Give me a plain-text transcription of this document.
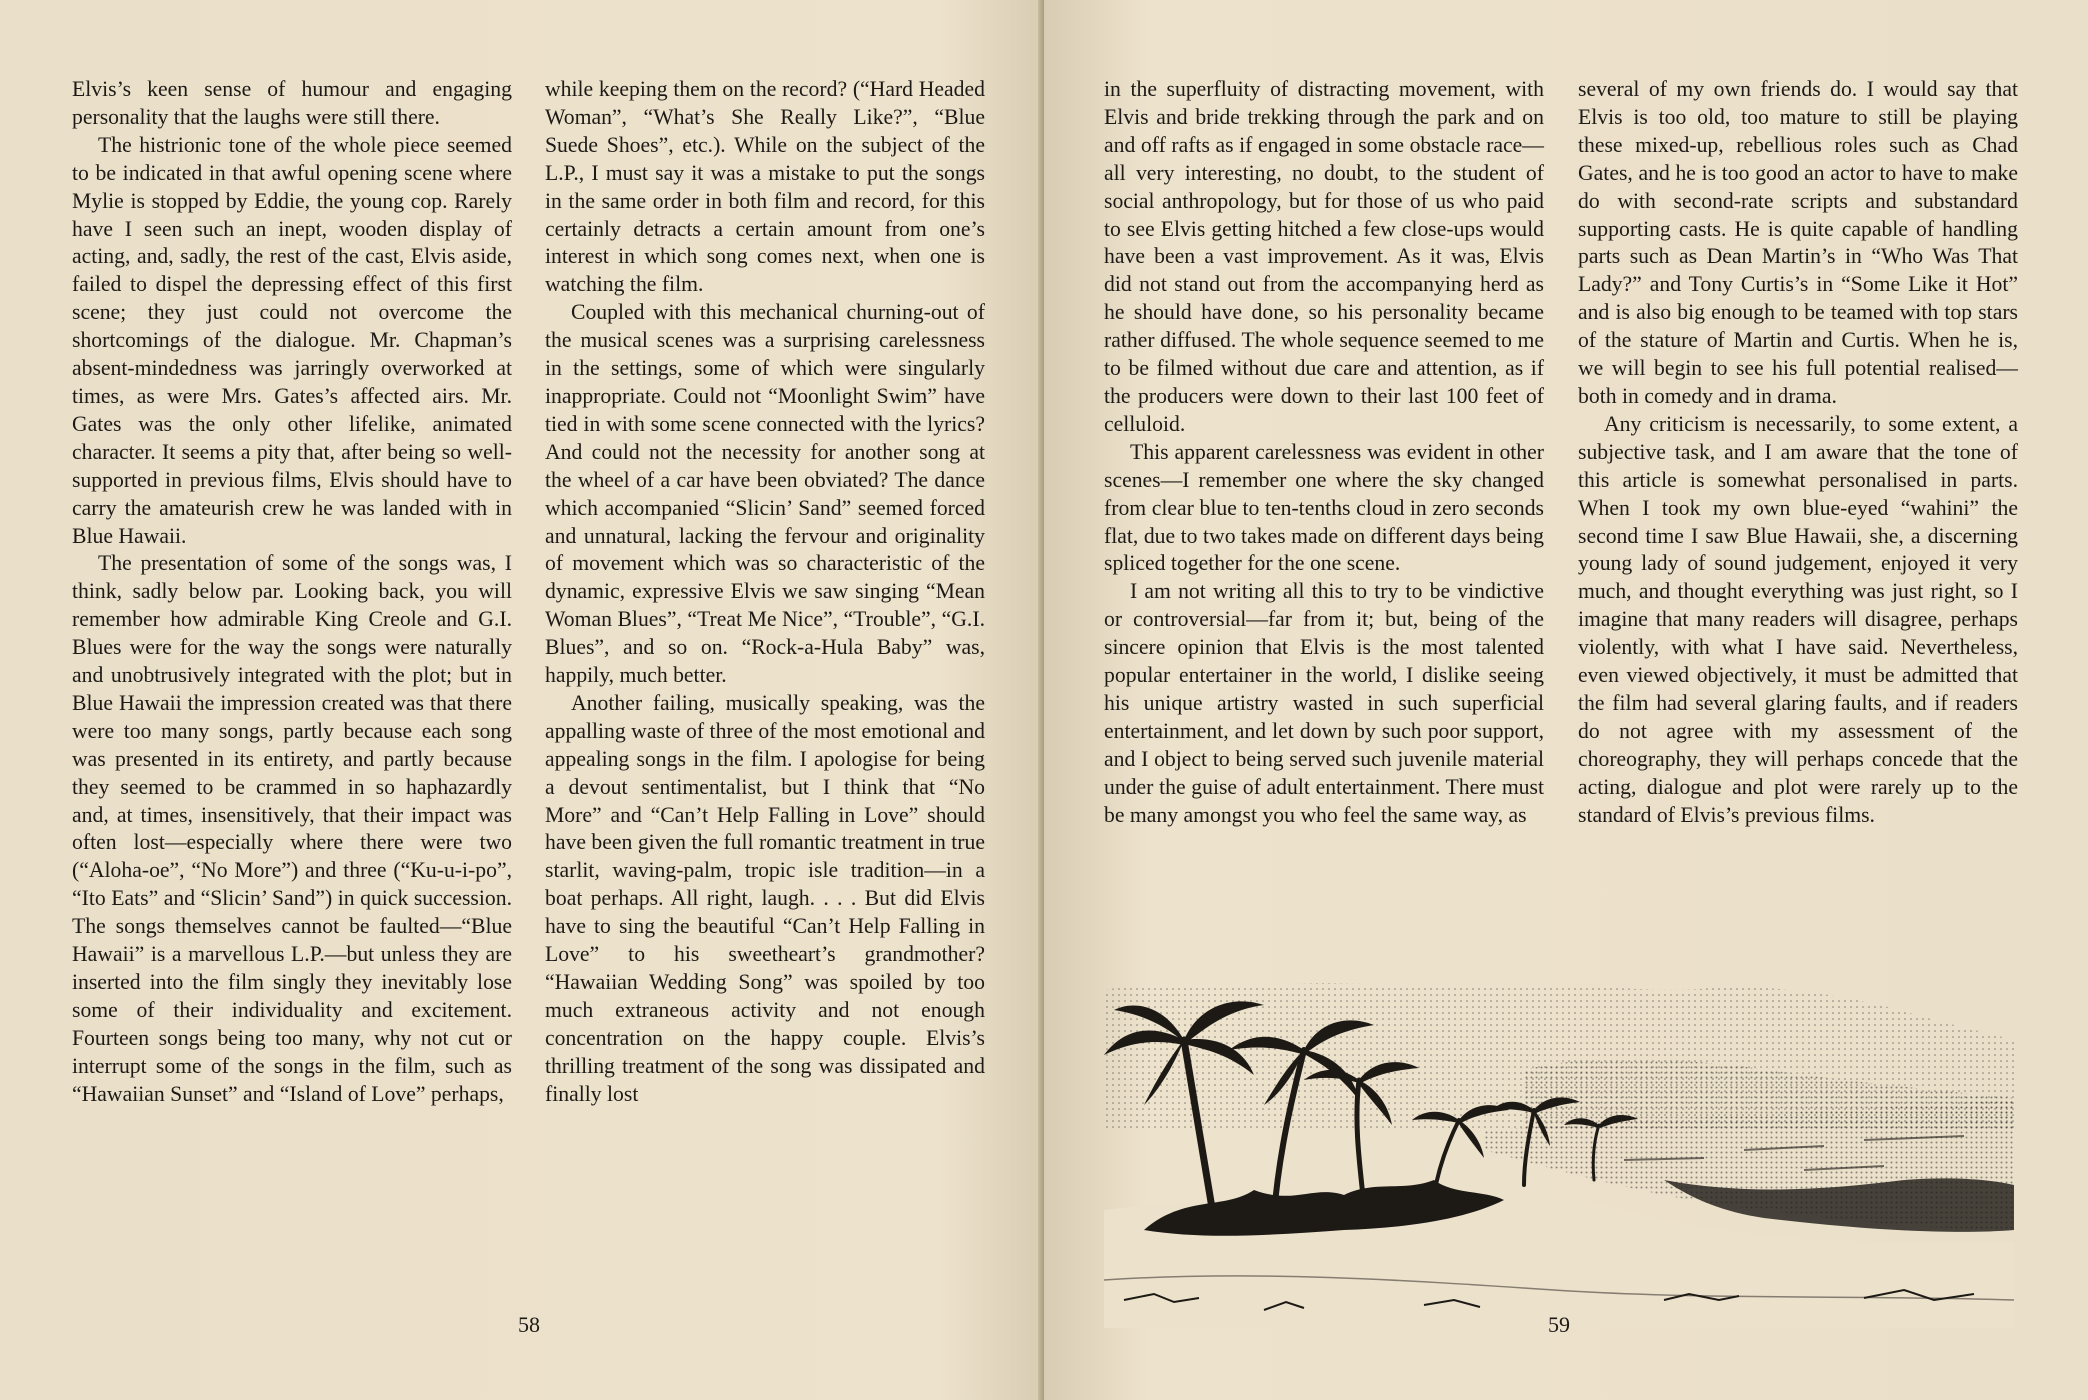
Elvis’s keen sense of humour and engaging personality that the laughs were still there.

The histrionic tone of the whole piece seemed to be indicated in that awful opening scene where Mylie is stopped by Eddie, the young cop. Rarely have I seen such an inept, wooden display of acting, and, sadly, the rest of the cast, Elvis aside, failed to dispel the depressing effect of this first scene; they just could not overcome the shortcomings of the dialogue. Mr. Chapman’s absent-mindedness was jarringly overworked at times, as were Mrs. Gates’s affected airs. Mr. Gates was the only other lifelike, animated character. It seems a pity that, after being so well-supported in previous films, Elvis should have to carry the amateurish crew he was landed with in Blue Hawaii.

The presentation of some of the songs was, I think, sadly below par. Looking back, you will remember how admirable King Creole and G.I. Blues were for the way the songs were naturally and unobtrusively integrated with the plot; but in Blue Hawaii the impression created was that there were too many songs, partly because each song was presented in its entirety, and partly because they seemed to be crammed in so haphazardly and, at times, insensitively, that their impact was often lost—especially where there were two (“Aloha-oe”, “No More”) and three (“Ku-u-i-po”, “Ito Eats” and “Slicin’ Sand”) in quick succession. The songs themselves cannot be faulted—“Blue Hawaii” is a marvellous L.P.—but unless they are inserted into the film singly they inevitably lose some of their individuality and excitement. Fourteen songs being too many, why not cut or interrupt some of the songs in the film, such as “Hawaiian Sunset” and “Island of Love” perhaps,

while keeping them on the record? (“Hard Headed Woman”, “What’s She Really Like?”, “Blue Suede Shoes”, etc.). While on the subject of the L.P., I must say it was a mistake to put the songs in the same order in both film and record, for this certainly detracts a certain amount from one’s interest in which song comes next, when one is watching the film.

Coupled with this mechanical churning-out of the musical scenes was a surprising carelessness in the settings, some of which were singularly inappropriate. Could not “Moonlight Swim” have tied in with some scene connected with the lyrics? And could not the necessity for another song at the wheel of a car have been obviated? The dance which accompanied “Slicin’ Sand” seemed forced and unnatural, lacking the fervour and originality of movement which was so characteristic of the dynamic, expressive Elvis we saw singing “Mean Woman Blues”, “Treat Me Nice”, “Trouble”, “G.I. Blues”, and so on. “Rock-a-Hula Baby” was, happily, much better.

Another failing, musically speaking, was the appalling waste of three of the most emotional and appealing songs in the film. I apologise for being a devout sentimentalist, but I think that “No More” and “Can’t Help Falling in Love” should have been given the full romantic treatment in true starlit, waving-palm, tropic isle tradition—in a boat perhaps. All right, laugh. . . . But did Elvis have to sing the beautiful “Can’t Help Falling in Love” to his sweetheart’s grandmother? “Hawaiian Wedding Song” was spoiled by too much extraneous activity and not enough concentration on the happy couple. Elvis’s thrilling treatment of the song was dissipated and finally lost

58

in the superfluity of distracting movement, with Elvis and bride trekking through the park and on and off rafts as if engaged in some obstacle race—all very interesting, no doubt, to the student of social anthropology, but for those of us who paid to see Elvis getting hitched a few close-ups would have been a vast improvement. As it was, Elvis did not stand out from the accompanying herd as he should have done, so his personality became rather diffused. The whole sequence seemed to me to be filmed without due care and attention, as if the producers were down to their last 100 feet of celluloid.

This apparent carelessness was evident in other scenes—I remember one where the sky changed from clear blue to ten-tenths cloud in zero seconds flat, due to two takes made on different days being spliced together for the one scene.

I am not writing all this to try to be vindictive or controversial—far from it; but, being of the sincere opinion that Elvis is the most talented popular entertainer in the world, I dislike seeing his unique artistry wasted in such superficial entertainment, and let down by such poor support, and I object to being served such juvenile material under the guise of adult entertainment. There must be many amongst you who feel the same way, as

several of my own friends do. I would say that Elvis is too old, too mature to still be playing these mixed-up, rebellious roles such as Chad Gates, and he is too good an actor to have to make do with second-rate scripts and substandard supporting casts. He is quite capable of handling parts such as Dean Martin’s in “Who Was That Lady?” and Tony Curtis’s in “Some Like it Hot” and is also big enough to be teamed with top stars of the stature of Martin and Curtis. When he is, we will begin to see his full potential realised—both in comedy and in drama.

Any criticism is necessarily, to some extent, a subjective task, and I am aware that the tone of this article is somewhat personalised in parts. When I took my own blue-eyed “wahini” the second time I saw Blue Hawaii, she, a discerning young lady of sound judgement, enjoyed it very much, and thought everything was just right, so I imagine that many readers will disagree, perhaps violently, with what I have said. Nevertheless, even viewed objectively, it must be admitted that the film had several glaring faults, and if readers do not agree with my assessment of the choreography, they will perhaps concede that the acting, dialogue and plot were rarely up to the standard of Elvis’s previous films.

59
